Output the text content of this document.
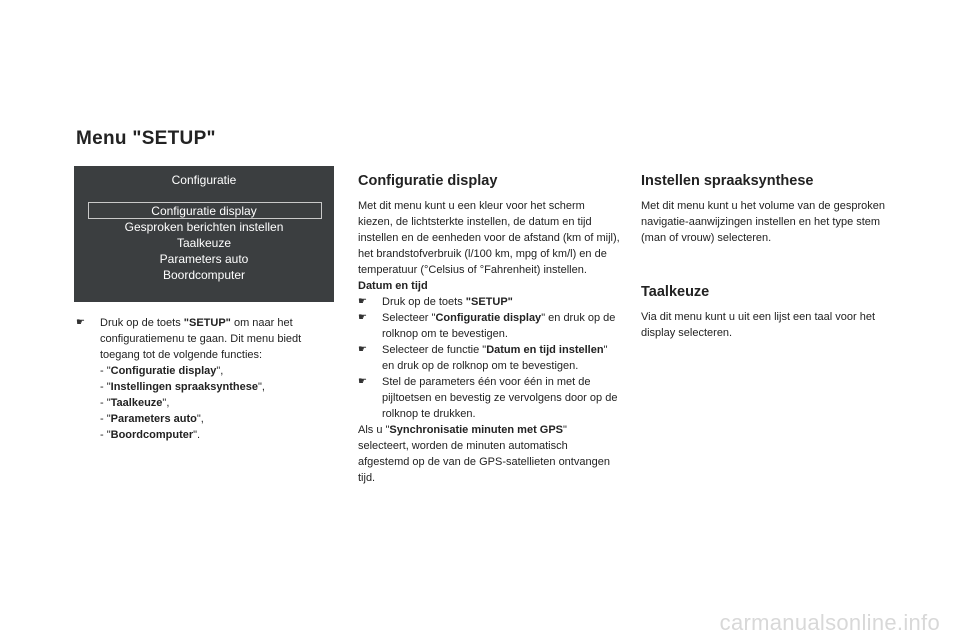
Menu "SETUP"
Configuratie
Configuratie display
Gesproken berichten instellen
Taalkeuze
Parameters auto
Boordcomputer

☛ Druk op de toets "SETUP" om naar het configuratiemenu te gaan. Dit menu biedt toegang tot de volgende functies:

- "Configuratie display",

- "Instellingen spraaksynthese",

- "Taalkeuze",

- "Parameters auto",

- "Boordcomputer".

Configuratie display

Met dit menu kunt u een kleur voor het scherm kiezen, de lichtsterkte instellen, de datum en tijd instellen en de eenheden voor de afstand (km of mijl), het brandstofverbruik (l/100 km, mpg of km/l) en de temperatuur (°Celsius of °Fahrenheit) instellen.

Datum en tijd

☛ Druk op de toets "SETUP"

☛ Selecteer "Configuratie display" en druk op de rolknop om te bevestigen.

☛ Selecteer de functie "Datum en tijd instellen" en druk op de rolknop om te bevestigen.

☛ Stel de parameters één voor één in met de pijltoetsen en bevestig ze vervolgens door op de rolknop te drukken.

Als u "Synchronisatie minuten met GPS" selecteert, worden de minuten automatisch afgestemd op de van de GPS-satellieten ontvangen tijd.

Instellen spraaksynthese

Met dit menu kunt u het volume van de gesproken navigatie-aanwijzingen instellen en het type stem (man of vrouw) selecteren.

Taalkeuze

Via dit menu kunt u uit een lijst een taal voor het display selecteren.

carmanualsonline.info
